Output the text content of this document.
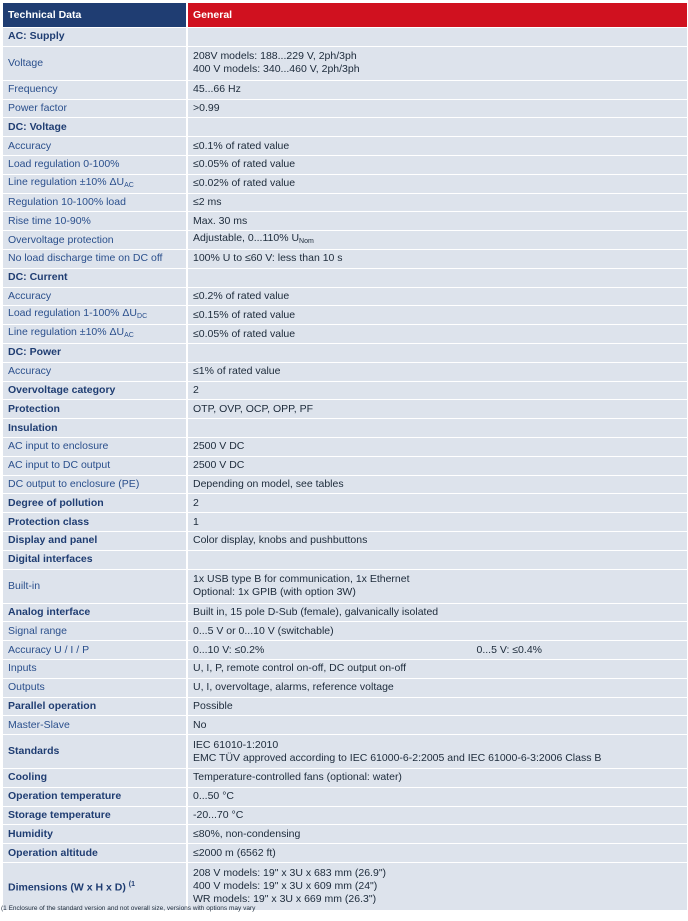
Technical Data	General
AC: Supply	
Voltage	208V models: 188...229 V, 2ph/3ph
400 V models: 340...460 V, 2ph/3ph

Frequency	45...66 Hz
Power factor	>0.99
DC: Voltage	
Accuracy	≤0.1% of rated value
Load regulation 0-100%	≤0.05% of rated value
Line regulation ±10% $\Delta U_{AC}$	≤0.02% of rated value
Regulation 10-100% load	≤2 ms
Rise time 10-90%	Max. 30 ms
Overvoltage protection	Adjustable, 0...110% $U_{Nom}$
No load discharge time on DC off	100% U to ≤60 V: less than 10 s
DC: Current	
Accuracy	≤0.2% of rated value
Load regulation 1-100% $\Delta U_{DC}$	≤0.15% of rated value
Line regulation ±10% $\Delta U_{AC}$	≤0.05% of rated value
DC: Power	
Accuracy	≤1% of rated value
Overvoltage category	2
Protection	OTP, OVP, OCP, OPP, PF
Insulation	
AC input to enclosure	2500 V DC
AC input to DC output	2500 V DC
DC output to enclosure (PE)	Depending on model, see tables
Degree of pollution	2
Protection class	1
Display and panel	Color display, knobs and pushbuttons
Digital interfaces	
Built-in	1x USB type B for communication, 1x Ethernet
Optional: 1x GPIB (with option 3W)

Analog interface	Built in, 15 pole D-Sub (female), galvanically isolated
Signal range	0...5 V or 0...10 V (switchable)
Accuracy U / I / P	0...10 V: ≤0.2% 0...5 V: ≤0.4%

Inputs	U, I, P, remote control on-off, DC output on-off
Outputs	U, I, overvoltage, alarms, reference voltage
Parallel operation	Possible
Master-Slave	No
Standards	IEC 61010-1:2010
EMC TÜV approved according to IEC 61000-6-2:2005 and IEC 61000-6-3:2006 Class B

Cooling	Temperature-controlled fans (optional: water)
Operation temperature	0...50 °C
Storage temperature	-20...70 °C
Humidity	≤80%, non-condensing
Operation altitude	≤2000 m (6562 ft)
Dimensions (W x H x D) $^{(1}$	208 V models: 19" x 3U x 683 mm (26.9")
400 V models: 19" x 3U x 609 mm (24")
WR models: 19" x 3U x 669 mm (26.3")
(1 Enclosure of the standard version and not overall size, versions with options may vary
